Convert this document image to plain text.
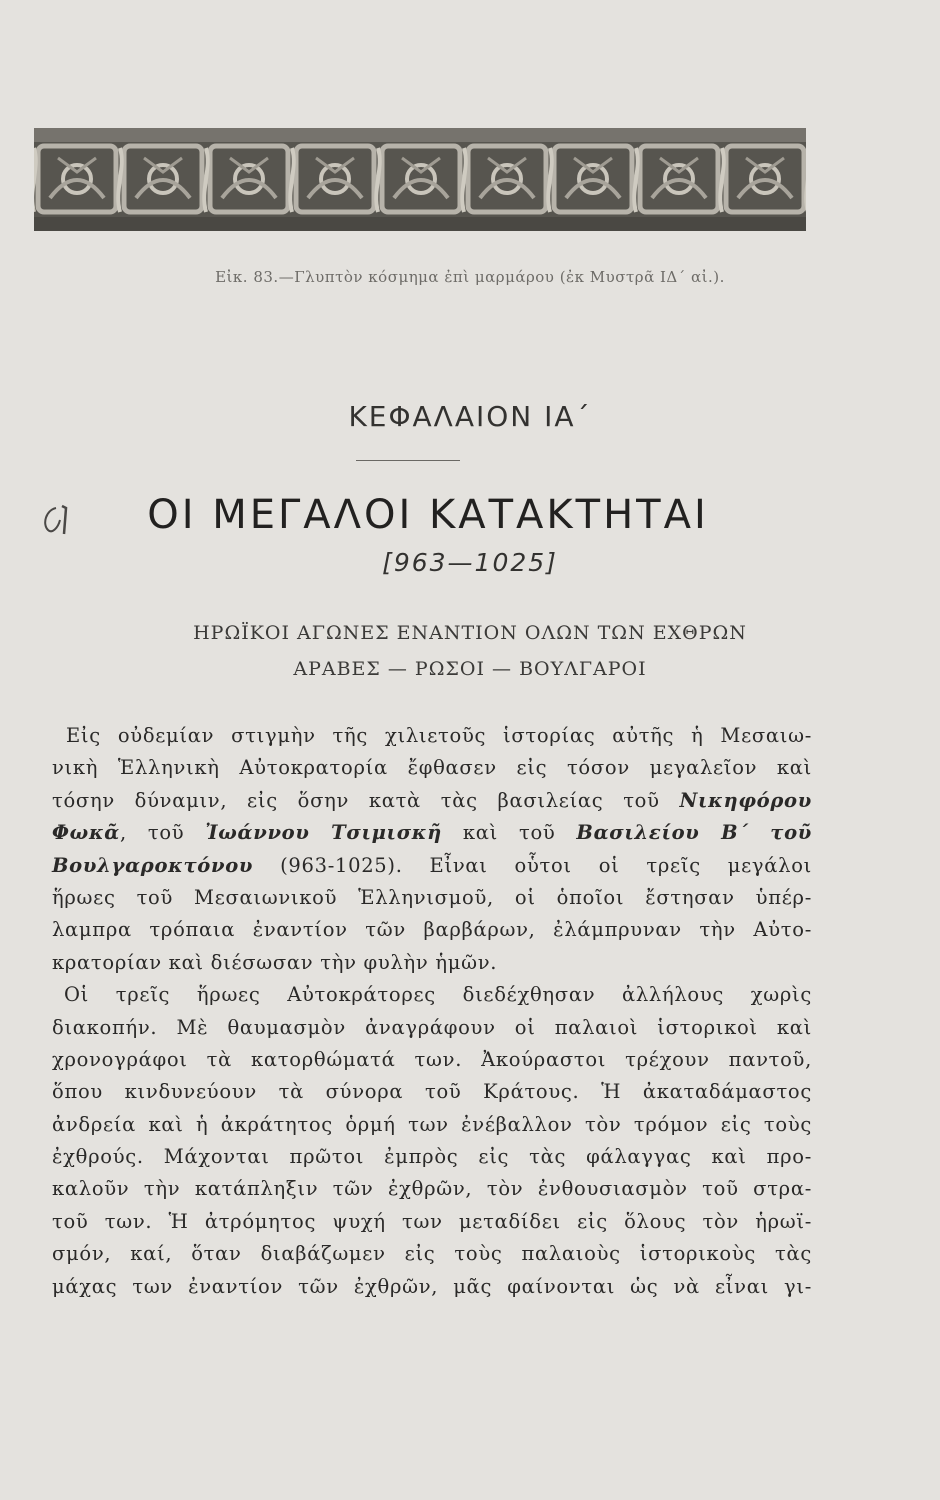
Εἰκ. 83.—Γλυπτὸν κόσμημα ἐπὶ μαρμάρου (ἐκ Μυστρᾶ ΙΔ΄ αἰ.).
ΚΕΦΑΛΑΙΟΝ ΙΑ΄
ΟΙ ΜΕΓΑΛΟΙ ΚΑΤΑΚΤΗΤΑΙ
[963—1025]
ΗΡΩΪΚΟΙ ΑΓΩΝΕΣ ΕΝΑΝΤΙΟΝ ΟΛΩΝ ΤΩΝ ΕΧΘΡΩΝ
ΑΡΑΒΕΣ — ΡΩΣΟΙ — ΒΟΥΛΓΑΡΟΙ
Εἰς οὐδεμίαν στιγμὴν τῆς χιλιετοῦς ἱστορίας αὐτῆς ἡ Μεσαιω-
νικὴ Ἑλληνικὴ Αὐτοκρατορία ἔφθασεν εἰς τόσον μεγαλεῖον καὶ
τόσην δύναμιν, εἰς ὅσην κατὰ τὰς βασιλείας τοῦ Νικηφόρου
Φωκᾶ, τοῦ Ἰωάννου Τσιμισκῆ καὶ τοῦ Βασιλείου Β΄ τοῦ
Βουλγαροκτόνου (963-1025). Εἶναι οὗτοι οἱ τρεῖς μεγάλοι
ἥρωες τοῦ Μεσαιωνικοῦ Ἑλληνισμοῦ, οἱ ὁποῖοι ἔστησαν ὑπέρ-
λαμπρα τρόπαια ἐναντίον τῶν βαρβάρων, ἐλάμπρυναν τὴν Αὐτο-
κρατορίαν καὶ διέσωσαν τὴν φυλὴν ἡμῶν.
Οἱ τρεῖς ἥρωες Αὐτοκράτορες διεδέχθησαν ἀλλήλους χωρὶς
διακοπήν. Μὲ θαυμασμὸν ἀναγράφουν οἱ παλαιοὶ ἱστορικοὶ καὶ
χρονογράφοι τὰ κατορθώματά των. Ἀκούραστοι τρέχουν παντοῦ,
ὅπου κινδυνεύουν τὰ σύνορα τοῦ Κράτους. Ἡ ἀκαταδάμαστος
ἀνδρεία καὶ ἡ ἀκράτητος ὁρμή των ἐνέβαλλον τὸν τρόμον εἰς τοὺς
ἐχθρούς. Μάχονται πρῶτοι ἐμπρὸς εἰς τὰς φάλαγγας καὶ προ-
καλοῦν τὴν κατάπληξιν τῶν ἐχθρῶν, τὸν ἐνθουσιασμὸν τοῦ στρα-
τοῦ των. Ἡ ἀτρόμητος ψυχή των μεταδίδει εἰς ὅλους τὸν ἡρωϊ-
σμόν, καί, ὅταν διαβάζωμεν εἰς τοὺς παλαιοὺς ἱστορικοὺς τὰς
μάχας των ἐναντίον τῶν ἐχθρῶν, μᾶς φαίνονται ὡς νὰ εἶναι γι-
